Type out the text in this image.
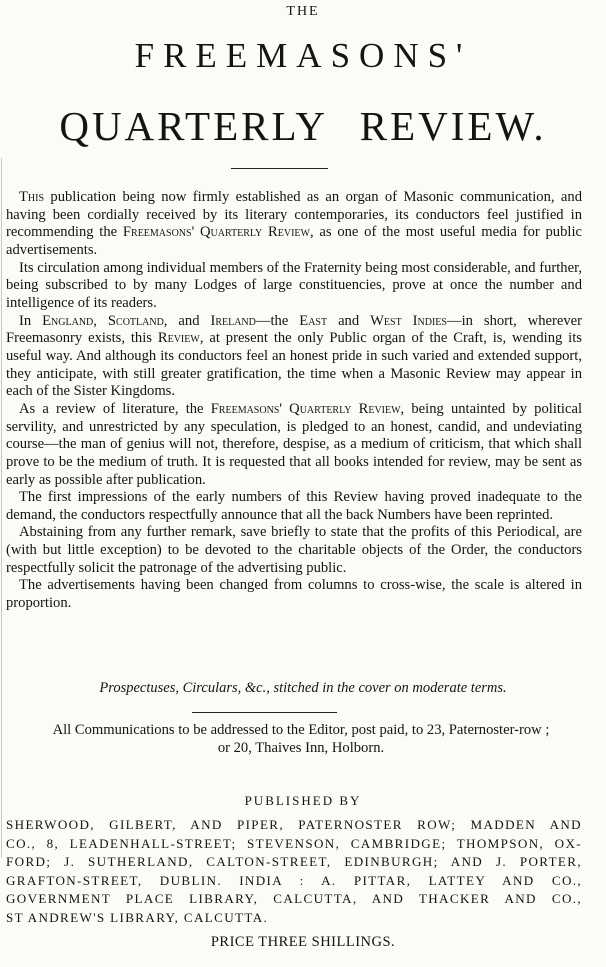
THE
FREEMASONS'
QUARTERLY REVIEW.

This publication being now firmly established as an organ of Masonic communication, and having been cordially received by its literary contemporaries, its conductors feel justified in recommending the Freemasons' Quarterly Review, as one of the most useful media for public advertisements.

Its circulation among individual members of the Fraternity being most considerable, and further, being subscribed to by many Lodges of large constituencies, prove at once the number and intelligence of its readers.

In England, Scotland, and Ireland—the East and West Indies—in short, wherever Freemasonry exists, this Review, at present the only Public organ of the Craft, is, wending its useful way. And although its conductors feel an honest pride in such varied and extended support, they anticipate, with still greater gratification, the time when a Masonic Review may appear in each of the Sister Kingdoms.

As a review of literature, the Freemasons' Quarterly Review, being untainted by political servility, and unrestricted by any speculation, is pledged to an honest, candid, and undeviating course—the man of genius will not, therefore, despise, as a medium of criticism, that which shall prove to be the medium of truth. It is requested that all books intended for review, may be sent as early as possible after publication.

The first impressions of the early numbers of this Review having proved inadequate to the demand, the conductors respectfully announce that all the back Numbers have been reprinted.

Abstaining from any further remark, save briefly to state that the profits of this Periodical, are (with but little exception) to be devoted to the charitable objects of the Order, the conductors respectfully solicit the patronage of the advertising public.

The advertisements having been changed from columns to cross-wise, the scale is altered in proportion.

Prospectuses, Circulars, &c., stitched in the cover on moderate terms.
All Communications to be addressed to the Editor, post paid, to 23, Paternoster-row ;
or 20, Thaives Inn, Holborn.
PUBLISHED BY
SHERWOOD, GILBERT, AND PIPER, PATERNOSTER ROW; MADDEN AND
CO., 8, LEADENHALL-STREET; STEVENSON, CAMBRIDGE; THOMPSON, OX-
FORD; J. SUTHERLAND, CALTON-STREET, EDINBURGH; AND J. PORTER,
GRAFTON-STREET, DUBLIN. INDIA : A. PITTAR, LATTEY AND CO.,
GOVERNMENT PLACE LIBRARY, CALCUTTA, AND THACKER AND CO.,
ST ANDREW'S LIBRARY, CALCUTTA.
PRICE THREE SHILLINGS.
